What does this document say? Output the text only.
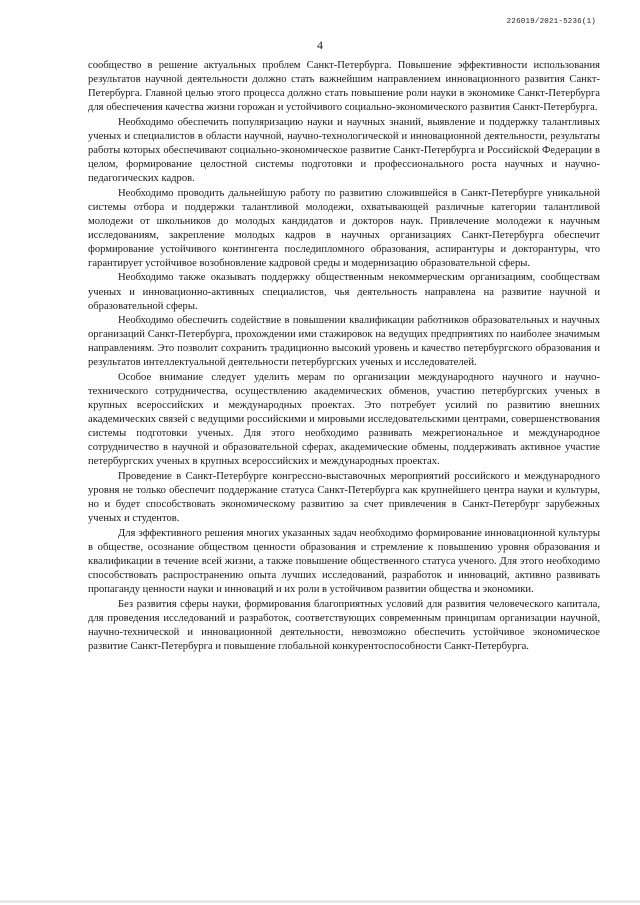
226019/2021-5236(1)
4

сообщество в решение актуальных проблем Санкт-Петербурга. Повышение эффективности использования результатов научной деятельности должно стать важнейшим направлением инновационного развития Санкт-Петербурга. Главной целью этого процесса должно стать повышение роли науки в экономике Санкт-Петербурга для обеспечения качества жизни горожан и устойчивого социально-экономического развития Санкт-Петербурга.

Необходимо обеспечить популяризацию науки и научных знаний, выявление и поддержку талантливых ученых и специалистов в области научной, научно-технологической и инновационной деятельности, результаты работы которых обеспечивают социально-экономическое развитие Санкт-Петербурга и Российской Федерации в целом, формирование целостной системы подготовки и профессионального роста научных и научно-педагогических кадров.

Необходимо проводить дальнейшую работу по развитию сложившейся в Санкт-Петербурге уникальной системы отбора и поддержки талантливой молодежи, охватывающей различные категории талантливой молодежи от школьников до молодых кандидатов и докторов наук. Привлечение молодежи к научным исследованиям, закрепление молодых кадров в научных организациях Санкт-Петербурга обеспечит формирование устойчивого контингента последипломного образования, аспирантуры и докторантуры, что гарантирует устойчивое возобновление кадровой среды и модернизацию образовательной сферы.

Необходимо также оказывать поддержку общественным некоммерческим организациям, сообществам ученых и инновационно-активных специалистов, чья деятельность направлена на развитие научной и образовательной сферы.

Необходимо обеспечить содействие в повышении квалификации работников образовательных и научных организаций Санкт-Петербурга, прохождении ими стажировок на ведущих предприятиях по наиболее значимым направлениям. Это позволит сохранить традиционно высокий уровень и качество петербургского образования и результатов интеллектуальной деятельности петербургских ученых и исследователей.

Особое внимание следует уделить мерам по организации международного научного и научно-технического сотрудничества, осуществлению академических обменов, участию петербургских ученых в крупных всероссийских и международных проектах. Это потребует усилий по развитию внешних академических связей с ведущими российскими и мировыми исследовательскими центрами, совершенствования системы подготовки ученых. Для этого необходимо развивать межрегиональное и международное сотрудничество в научной и образовательной сферах, академические обмены, поддерживать активное участие петербургских ученых в крупных всероссийских и международных проектах.

Проведение в Санкт-Петербурге конгрессно-выставочных мероприятий российского и международного уровня не только обеспечит поддержание статуса Санкт-Петербурга как крупнейшего центра науки и культуры, но и будет способствовать экономическому развитию за счет привлечения в Санкт-Петербург зарубежных ученых и студентов.

Для эффективного решения многих указанных задач необходимо формирование инновационной культуры в обществе, осознание обществом ценности образования и стремление к повышению уровня образования и квалификации в течение всей жизни, а также повышение общественного статуса ученого. Для этого необходимо способствовать распространению опыта лучших исследований, разработок и инноваций, активно развивать пропаганду ценности науки и инноваций и их роли в устойчивом развитии общества и экономики.

Без развития сферы науки, формирования благоприятных условий для развития человеческого капитала, для проведения исследований и разработок, соответствующих современным принципам организации научной, научно-технической и инновационной деятельности, невозможно обеспечить устойчивое экономическое развитие Санкт-Петербурга и повышение глобальной конкурентоспособности Санкт-Петербурга.
